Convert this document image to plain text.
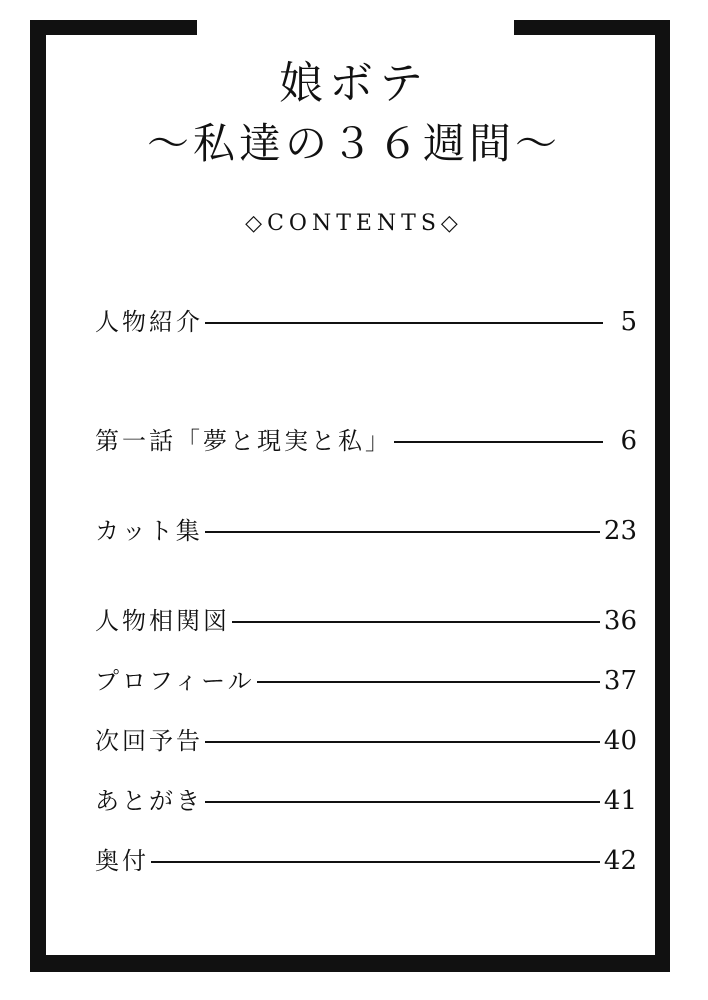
娘ボテ
～私達の３６週間～
◇CONTENTS◇
人物紹介	5
第一話「夢と現実と私」	6
カット集	23
人物相関図	36
プロフィール	37
次回予告	40
あとがき	41
奥付	42
